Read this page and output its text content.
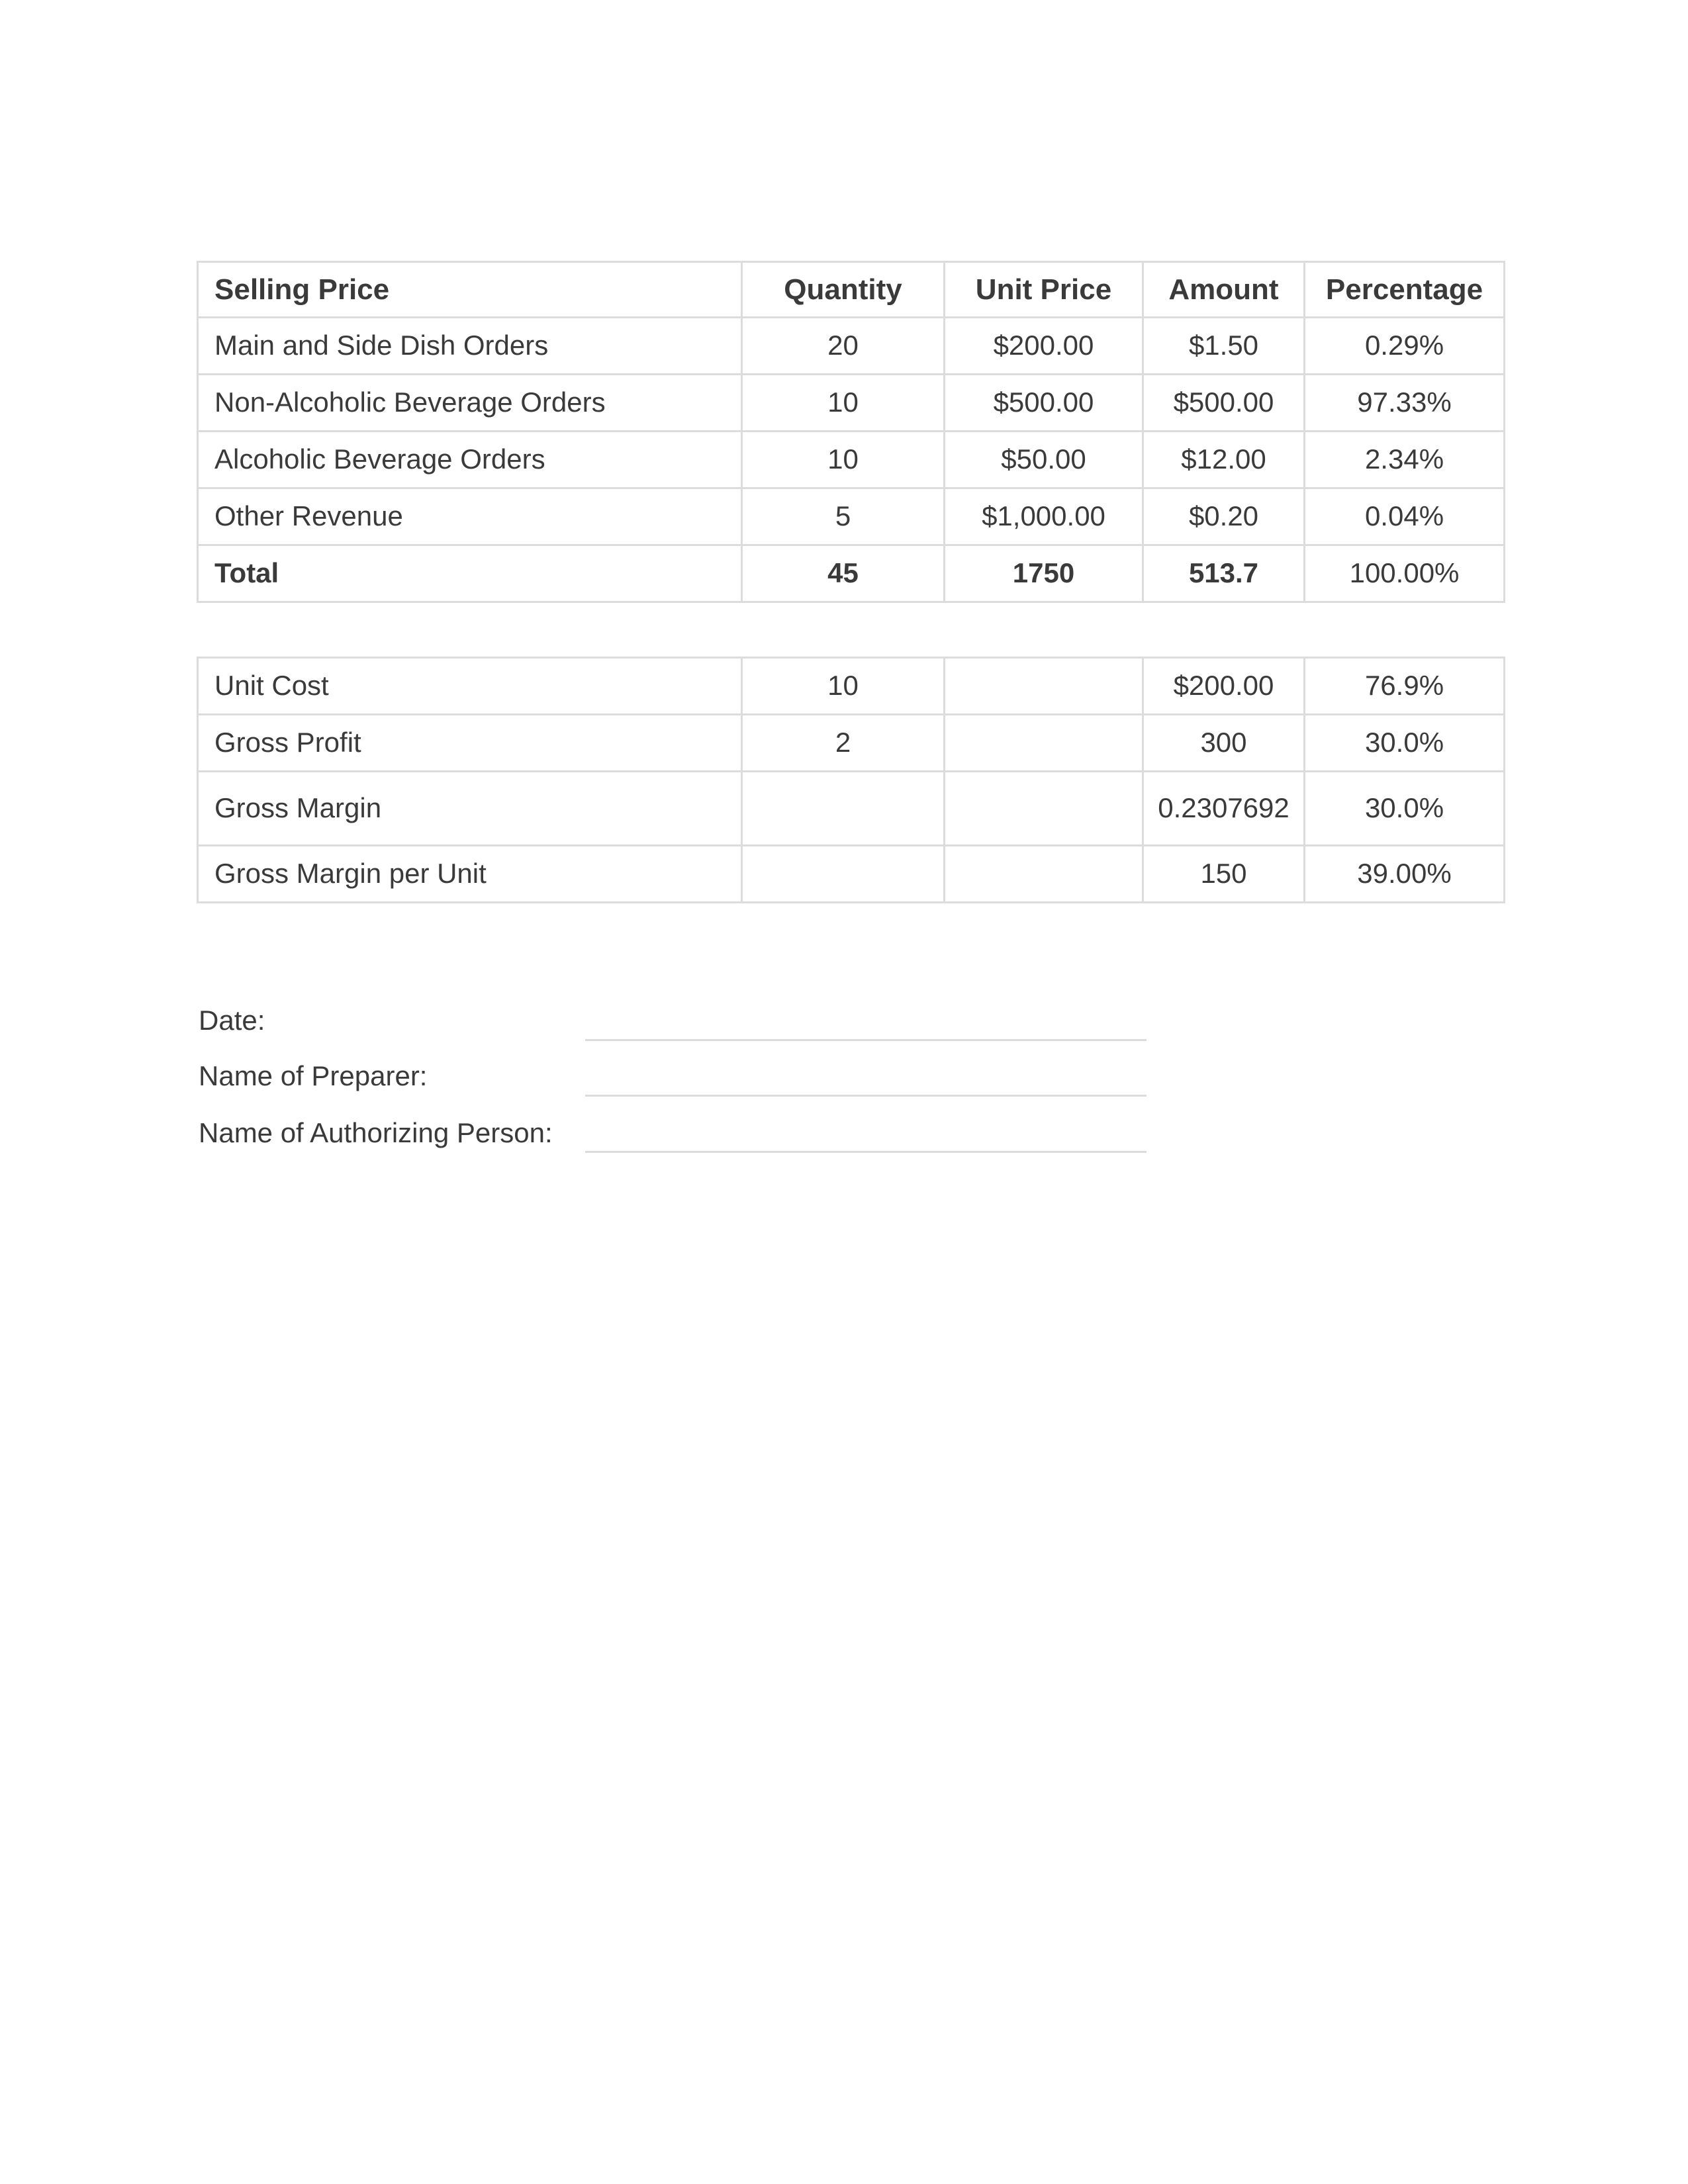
Selling Price	Quantity	Unit Price	Amount	Percentage
Main and Side Dish Orders	20	$200.00	$1.50	0.29%
Non-Alcoholic Beverage Orders	10	$500.00	$500.00	97.33%
Alcoholic Beverage Orders	10	$50.00	$12.00	2.34%
Other Revenue	5	$1,000.00	$0.20	0.04%
Total	45	1750	513.7	100.00%
Unit Cost	10		$200.00	76.9%
Gross Profit	2		300	30.0%
Gross Margin			0.2307692	30.0%
Gross Margin per Unit			150	39.00%
Date:
Name of Preparer:
Name of Authorizing Person:
